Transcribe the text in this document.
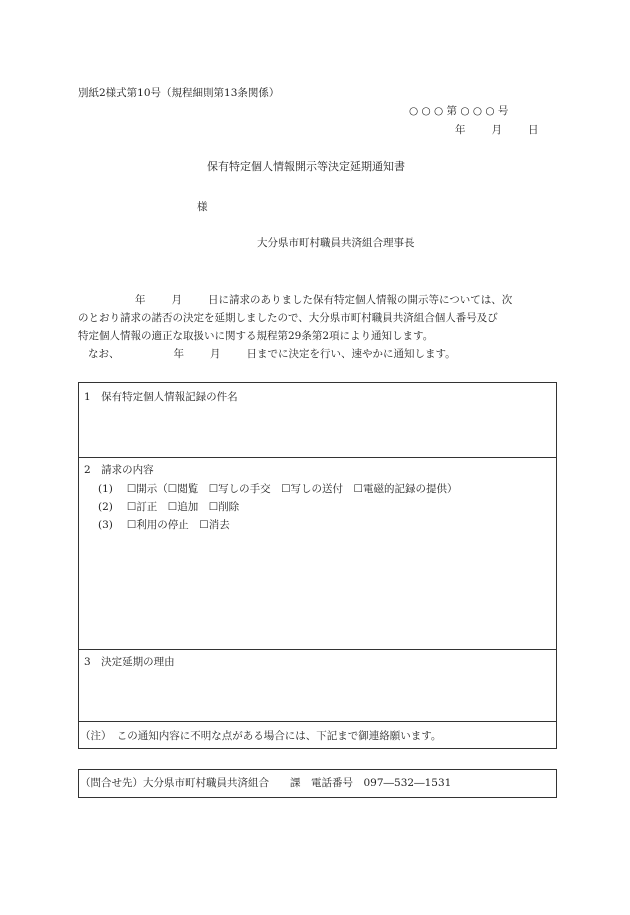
別紙2様式第10号（規程細則第13条関係）
○ ○ ○ 第 ○ ○ ○ 号
年 月 日
保有特定個人情報開示等決定延期通知書
様
大分県市町村職員共済組合理事長
年 月 日に請求のありました保有特定個人情報の開示等については、次
のとおり請求の諾否の決定を延期しましたので、大分県市町村職員共済組合個人番号及び
特定個人情報の適正な取扱いに関する規程第29条第2項により通知します。
なお、	年 月 日までに決定を行い、速やかに通知します。
1　保有特定個人情報記録の件名
2　請求の内容
(1) ☐開示（☐閲覧　☐写しの手交　☐写しの送付　☐電磁的記録の提供）
(2) ☐訂正　☐追加　☐削除
(3) ☐利用の停止　☐消去
3　決定延期の理由
（注）　この通知内容に不明な点がある場合には、下記まで御連絡願います。
（問合せ先）大分県市町村職員共済組合　　課　電話番号　097―532―1531
